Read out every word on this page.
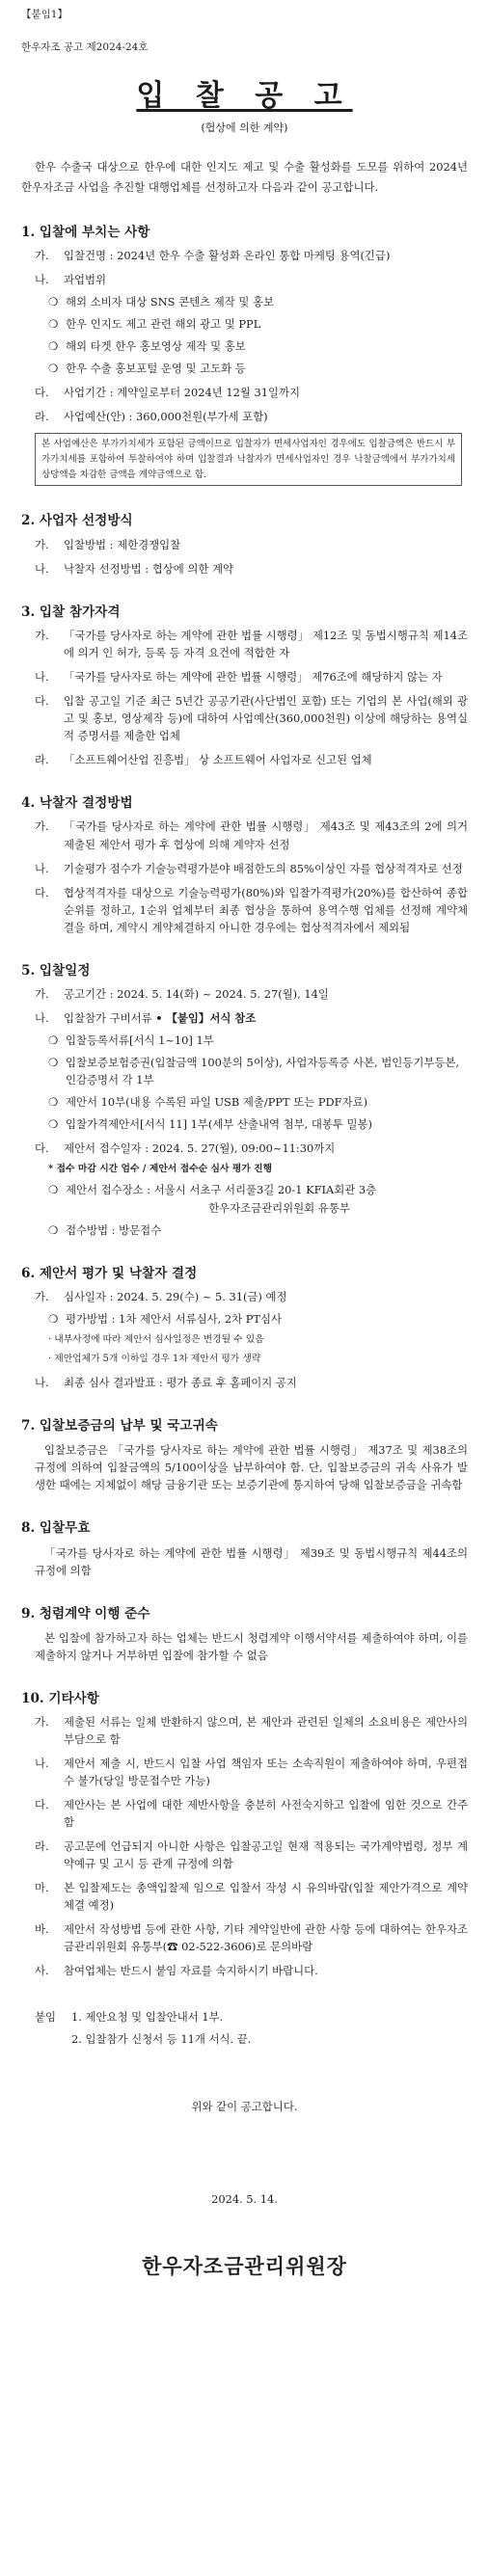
【붙임1】
한우자조 공고 제2024-24호
입 찰 공 고
(협상에 의한 계약)
한우 수출국 대상으로 한우에 대한 인지도 제고 및 수출 활성화를 도모를 위하여 2024년 한우자조금 사업을 추진할 대행업체를 선정하고자 다음과 같이 공고합니다.
1. 입찰에 부치는 사항
가. 입찰건명 : 2024년 한우 수출 활성화 온라인 통합 마케팅 용역(긴급)
나. 과업범위
❍ 해외 소비자 대상 SNS 콘텐츠 제작 및 홍보
❍ 한우 인지도 제고 관련 해외 광고 및 PPL
❍ 해외 타겟 한우 홍보영상 제작 및 홍보
❍ 한우 수출 홍보포털 운영 및 고도화 등
다. 사업기간 : 계약일로부터 2024년 12월 31일까지
라. 사업예산(안) : 360,000천원(부가세 포함)
본 사업예산은 부가가치세가 포함된 금액이므로 입찰자가 면세사업자인 경우에도 입찰금액은 반드시 부가가치세를 포함하여 투찰하여야 하며 입찰결과 낙찰자가 면세사업자인 경우 낙찰금액에서 부가가치세 상당액을 차감한 금액을 계약금액으로 함.
2. 사업자 선정방식
가. 입찰방법 : 제한경쟁입찰
나. 낙찰자 선정방법 : 협상에 의한 계약
3. 입찰 참가자격
가. 「국가를 당사자로 하는 계약에 관한 법률 시행령」 제12조 및 동법시행규칙 제14조에 의거 인 허가, 등록 등 자격 요건에 적합한 자
나. 「국가를 당사자로 하는 계약에 관한 법률 시행령」 제76조에 해당하지 않는 자
다. 입찰 공고일 기준 최근 5년간 공공기관(사단법인 포함) 또는 기업의 본 사업(해외 광고 및 홍보, 영상제작 등)에 대하여 사업예산(360,000천원) 이상에 해당하는 용역실적 증명서를 제출한 업체
라. 「소프트웨어산업 진흥법」 상 소프트웨어 사업자로 신고된 업체
4. 낙찰자 결정방법
가. 「국가를 당사자로 하는 계약에 관한 법률 시행령」 제43조 및 제43조의 2에 의거 제출된 제안서 평가 후 협상에 의해 계약자 선정
나. 기술평가 점수가 기술능력평가분야 배점한도의 85%이상인 자를 협상적격자로 선정
다. 협상적격자를 대상으로 기술능력평가(80%)와 입찰가격평가(20%)를 합산하여 종합순위를 정하고, 1순위 업체부터 최종 협상을 통하여 용역수행 업체를 선정해 계약체결을 하며, 계약시 계약체결하지 아니한 경우에는 협상적격자에서 제외됨
5. 입찰일정
가. 공고기간 : 2024. 5. 14(화) ~ 2024. 5. 27(월), 14일
나. 입찰참가 구비서류 • 【붙임】서식 참조
❍ 입찰등록서류[서식 1~10] 1부
❍ 입찰보증보험증권(입찰금액 100분의 5이상), 사업자등록증 사본, 법인등기부등본, 인감증명서 각 1부
❍ 제안서 10부(내용 수록된 파일 USB 제출/PPT 또는 PDF자료)
❍ 입찰가격제안서[서식 11] 1부(세부 산출내역 첨부, 대봉투 밀봉)
다. 제안서 접수일자 : 2024. 5. 27(월), 09:00~11:30까지
* 접수 마감 시간 엄수 / 제안서 접수순 심사 평가 진행
❍ 제안서 접수장소 : 서울시 서초구 서리풀3길 20-1 KFIA회관 3층
한우자조금관리위원회 유통부
❍ 접수방법 : 방문접수
6. 제안서 평가 및 낙찰자 결정
가. 심사일자 : 2024. 5. 29(수) ~ 5. 31(금) 예정
❍ 평가방법 : 1차 제안서 서류심사, 2차 PT심사
· 내부사정에 따라 제안서 심사일정은 변경될 수 있음
· 제안업체가 5개 이하일 경우 1차 제안서 평가 생략
나. 최종 심사 결과발표 : 평가 종료 후 홈페이지 공지
7. 입찰보증금의 납부 및 국고귀속
입찰보증금은 「국가를 당사자로 하는 계약에 관한 법률 시행령」 제37조 및 제38조의 규정에 의하여 입찰금액의 5/100이상을 납부하여야 함. 단, 입찰보증금의 귀속 사유가 발생한 때에는 지체없이 해당 금융기관 또는 보증기관에 통지하여 당해 입찰보증금을 귀속함
8. 입찰무효
「국가를 당사자로 하는 계약에 관한 법률 시행령」 제39조 및 동법시행규칙 제44조의 규정에 의함
9. 청렴계약 이행 준수
본 입찰에 참가하고자 하는 업체는 반드시 청렴계약 이행서약서를 제출하여야 하며, 이를 제출하지 않거나 거부하면 입찰에 참가할 수 없음
10. 기타사항
가. 제출된 서류는 일체 반환하지 않으며, 본 제안과 관련된 일체의 소요비용은 제안사의 부담으로 함
나. 제안서 제출 시, 반드시 입찰 사업 책임자 또는 소속직원이 제출하여야 하며, 우편접수 불가(당일 방문접수만 가능)
다. 제안사는 본 사업에 대한 제반사항을 충분히 사전숙지하고 입찰에 임한 것으로 간주함
라. 공고문에 언급되지 아니한 사항은 입찰공고일 현재 적용되는 국가계약법령, 정부 계약예규 및 고시 등 관계 규정에 의함
마. 본 입찰제도는 총액입찰제 임으로 입찰서 작성 시 유의바람(입찰 제안가격으로 계약 체결 예정)
바. 제안서 작성방법 등에 관한 사항, 기타 계약일반에 관한 사항 등에 대하여는 한우자조금관리위원회 유통부(☎ 02-522-3606)로 문의바람
사. 참여업체는 반드시 붙임 자료를 숙지하시기 바랍니다.
붙임 1. 제안요청 및 입찰안내서 1부.
2. 입찰참가 신청서 등 11개 서식. 끝.
위와 같이 공고합니다.
2024. 5. 14.
한우자조금관리위원장
